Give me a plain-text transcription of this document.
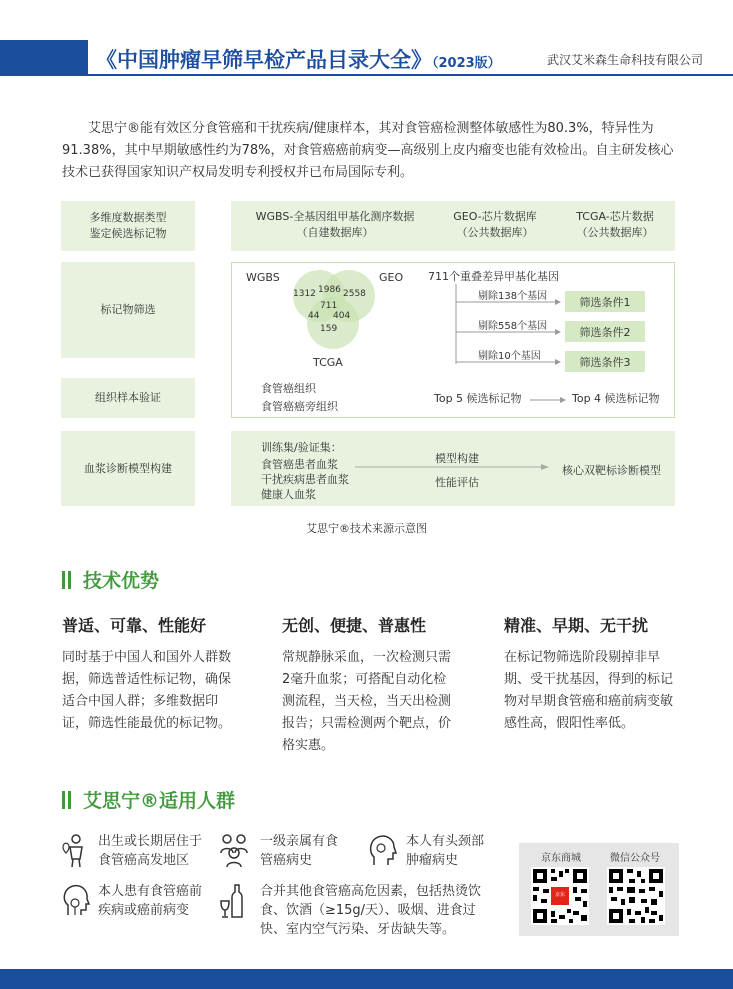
《中国肿瘤早筛早检产品目录大全》（2023版）	武汉艾米森生命科技有限公司

艾思宁®能有效区分食管癌和干扰疾病/健康样本，其对食管癌检测整体敏感性为80.3%，特异性为91.38%，其中早期敏感性约为78%，对食管癌癌前病变—高级别上皮内瘤变也能有效检出。自主研发核心技术已获得国家知识产权局发明专利授权并已布局国际专利。

多维度数据类型
鉴定候选标记物
WGBS-全基因组甲基化测序数据
（自建数据库）
GEO-芯片数据库
（公共数据库）
TCGA-芯片数据
（公共数据库）
标记物筛选
WGBS	GEO
TCGA
1312 1986 2558
711
44 404
159
711个重叠差异甲基化基因
剔除138个基因
剔除558个基因
剔除10个基因
筛选条件1
筛选条件2
筛选条件3
Top 5 候选标记物	Top 4 候选标记物
组织样本验证
食管癌组织
食管癌癌旁组织
血浆诊断模型构建
训练集/验证集：
食管癌患者血浆
干扰疾病患者血浆
健康人血浆
模型构建
性能评估
核心双靶标诊断模型
艾思宁®技术来源示意图
技术优势
普适、可靠、性能好
同时基于中国人和国外人群数据，筛选普适性标记物，确保适合中国人群；多维数据印证，筛选性能最优的标记物。
无创、便捷、普惠性
常规静脉采血，一次检测只需2毫升血浆；可搭配自动化检测流程，当天检，当天出检测报告；只需检测两个靶点，价格实惠。
精准、早期、无干扰
在标记物筛选阶段剔掉非早期、受干扰基因，得到的标记物对早期食管癌和癌前病变敏感性高，假阳性率低。
艾思宁®适用人群
出生或长期居住于
食管癌高发地区
一级亲属有食
管癌病史
本人有头颈部
肿瘤病史
本人患有食管癌前
疾病或癌前病变
合并其他食管癌高危因素，包括热烫饮
食、饮酒（≥15g/天）、吸烟、进食过
快、室内空气污染、牙齿缺失等。
京东商城	微信公众号
京东
